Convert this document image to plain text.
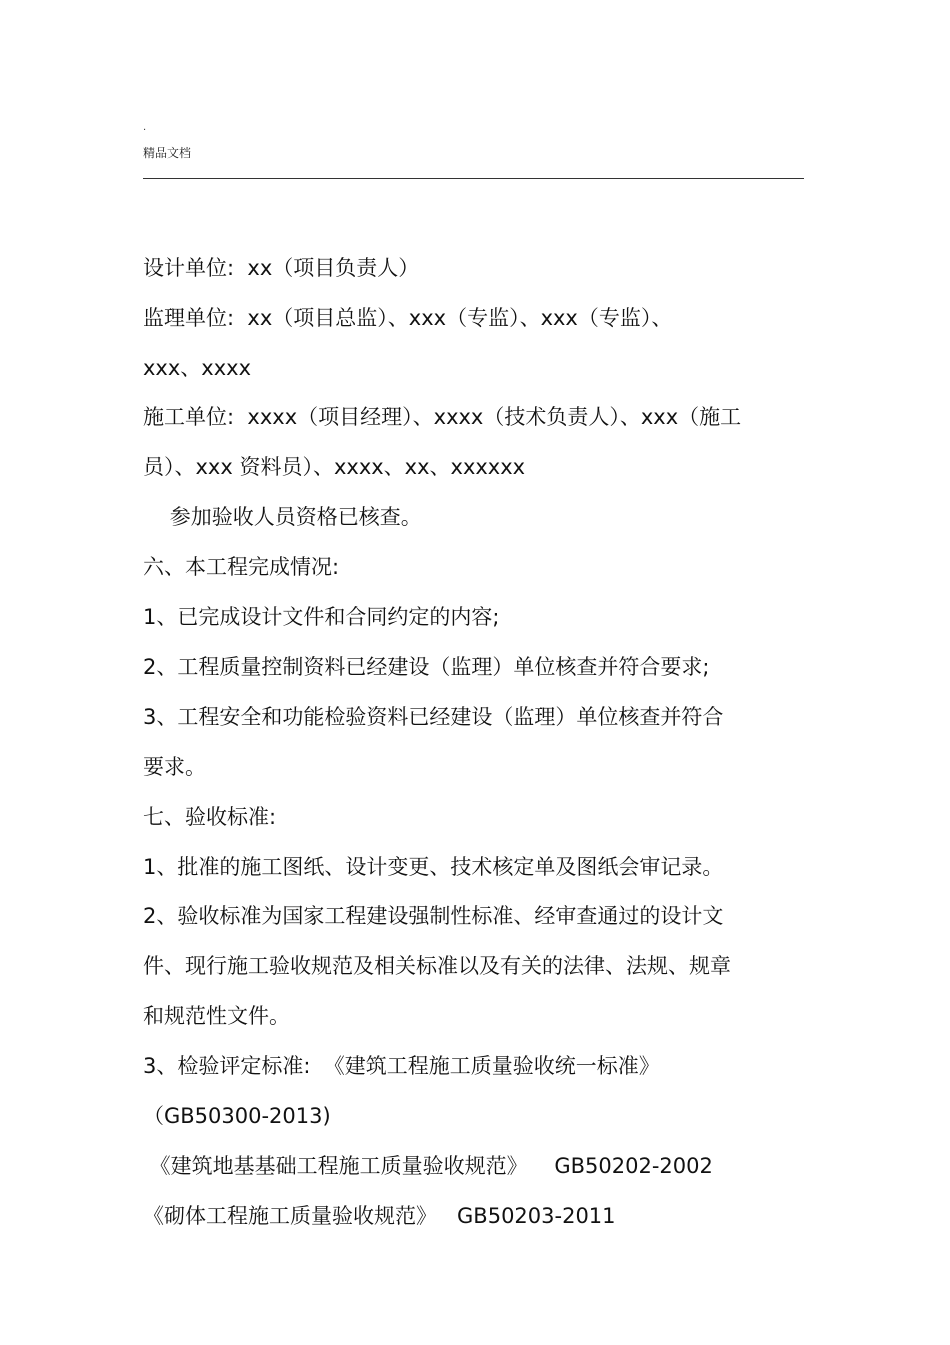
.
精品文档
设计单位:  xx（项目负责人）
监理单位:  xx（项目总监）、xxx（专监）、xxx（专监）、
xxx、xxxx
施工单位:  xxxx（项目经理）、xxxx（技术负责人）、xxx（施工
员）、xxx 资料员）、xxxx、xx、xxxxxx
参加验收人员资格已核查。
六、本工程完成情况:
1、已完成设计文件和合同约定的内容;
2、工程质量控制资料已经建设（监理）单位核查并符合要求;
3、工程安全和功能检验资料已经建设（监理）单位核查并符合
要求。
七、验收标准:
1、批准的施工图纸、设计变更、技术核定单及图纸会审记录。
2、验收标准为国家工程建设强制性标准、经审查通过的设计文
件、现行施工验收规范及相关标准以及有关的法律、法规、规章
和规范性文件。
3、检验评定标准:  《建筑工程施工质量验收统一标准》
（GB50300-2013)
《建筑地基基础工程施工质量验收规范》    GB50202-2002
《砌体工程施工质量验收规范》   GB50203-2011
